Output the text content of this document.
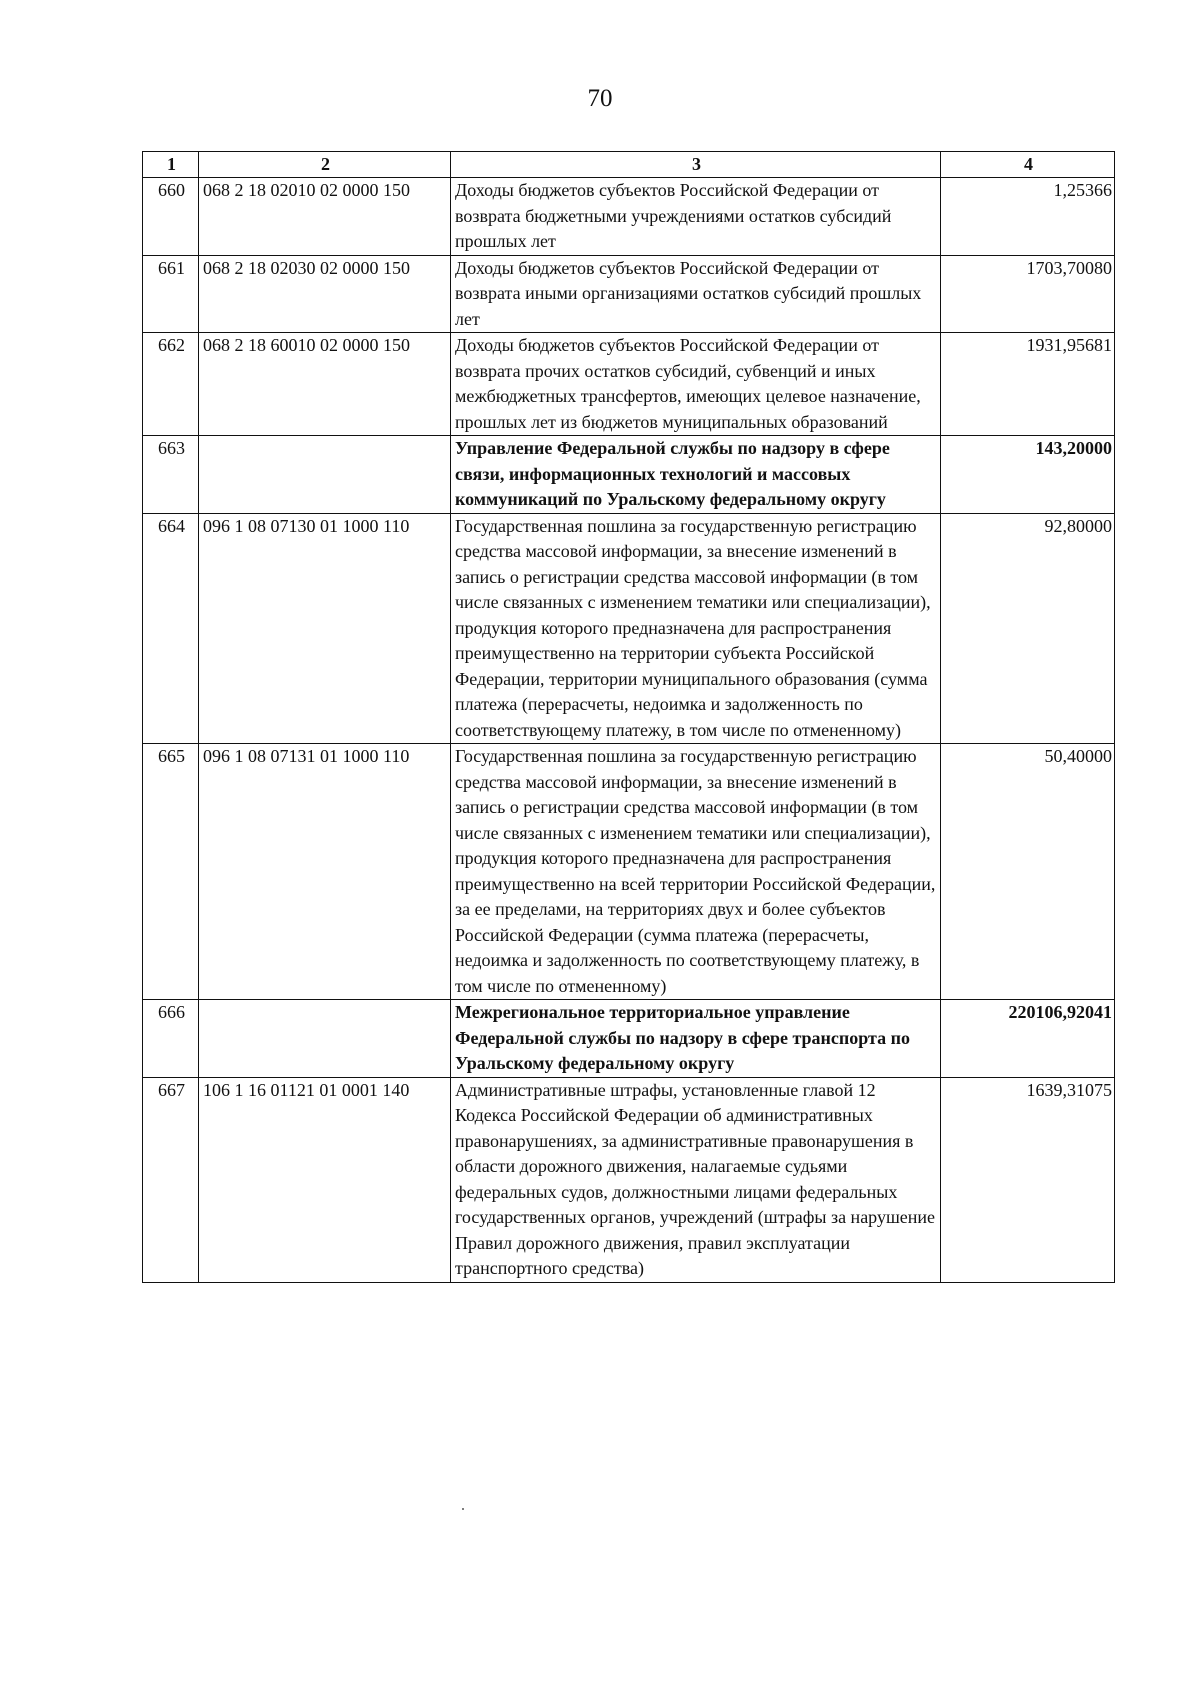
70
1	2	3	4
660	068 2 18 02010 02 0000 150	Доходы бюджетов субъектов Российской Федерации от возврата бюджетными учреждениями остатков субсидий прошлых лет	1,25366
661	068 2 18 02030 02 0000 150	Доходы бюджетов субъектов Российской Федерации от возврата иными организациями остатков субсидий прошлых лет	1703,70080
662	068 2 18 60010 02 0000 150	Доходы бюджетов субъектов Российской Федерации от возврата прочих остатков субсидий, субвенций и иных межбюджетных трансфертов, имеющих целевое назначение, прошлых лет из бюджетов муниципальных образований	1931,95681
663		Управление Федеральной службы по надзору в сфере связи, информационных технологий и массовых коммуникаций по Уральскому федеральному округу	143,20000
664	096 1 08 07130 01 1000 110	Государственная пошлина за государственную регистрацию средства массовой информации, за внесение изменений в запись о регистрации средства массовой информации (в том числе связанных с изменением тематики или специализации), продукция которого предназначена для распространения преимущественно на территории субъекта Российской Федерации, территории муниципального образования (сумма платежа (перерасчеты, недоимка и задолженность по соответствующему платежу, в том числе по отмененному)	92,80000
665	096 1 08 07131 01 1000 110	Государственная пошлина за государственную регистрацию средства массовой информации, за внесение изменений в запись о регистрации средства массовой информации (в том числе связанных с изменением тематики или специализации), продукция которого предназначена для распространения преимущественно на всей территории Российской Федерации, за ее пределами, на территориях двух и более субъектов Российской Федерации (сумма платежа (перерасчеты, недоимка и задолженность по соответствующему платежу, в том числе по отмененному)	50,40000
666		Межрегиональное территориальное управление Федеральной службы по надзору в сфере транспорта по Уральскому федеральному округу	220106,92041
667	106 1 16 01121 01 0001 140	Административные штрафы, установленные главой 12 Кодекса Российской Федерации об административных правонарушениях, за административные правонарушения в области дорожного движения, налагаемые судьями федеральных судов, должностными лицами федеральных государственных органов, учреждений (штрафы за нарушение Правил дорожного движения, правил эксплуатации транспортного средства)	1639,31075
